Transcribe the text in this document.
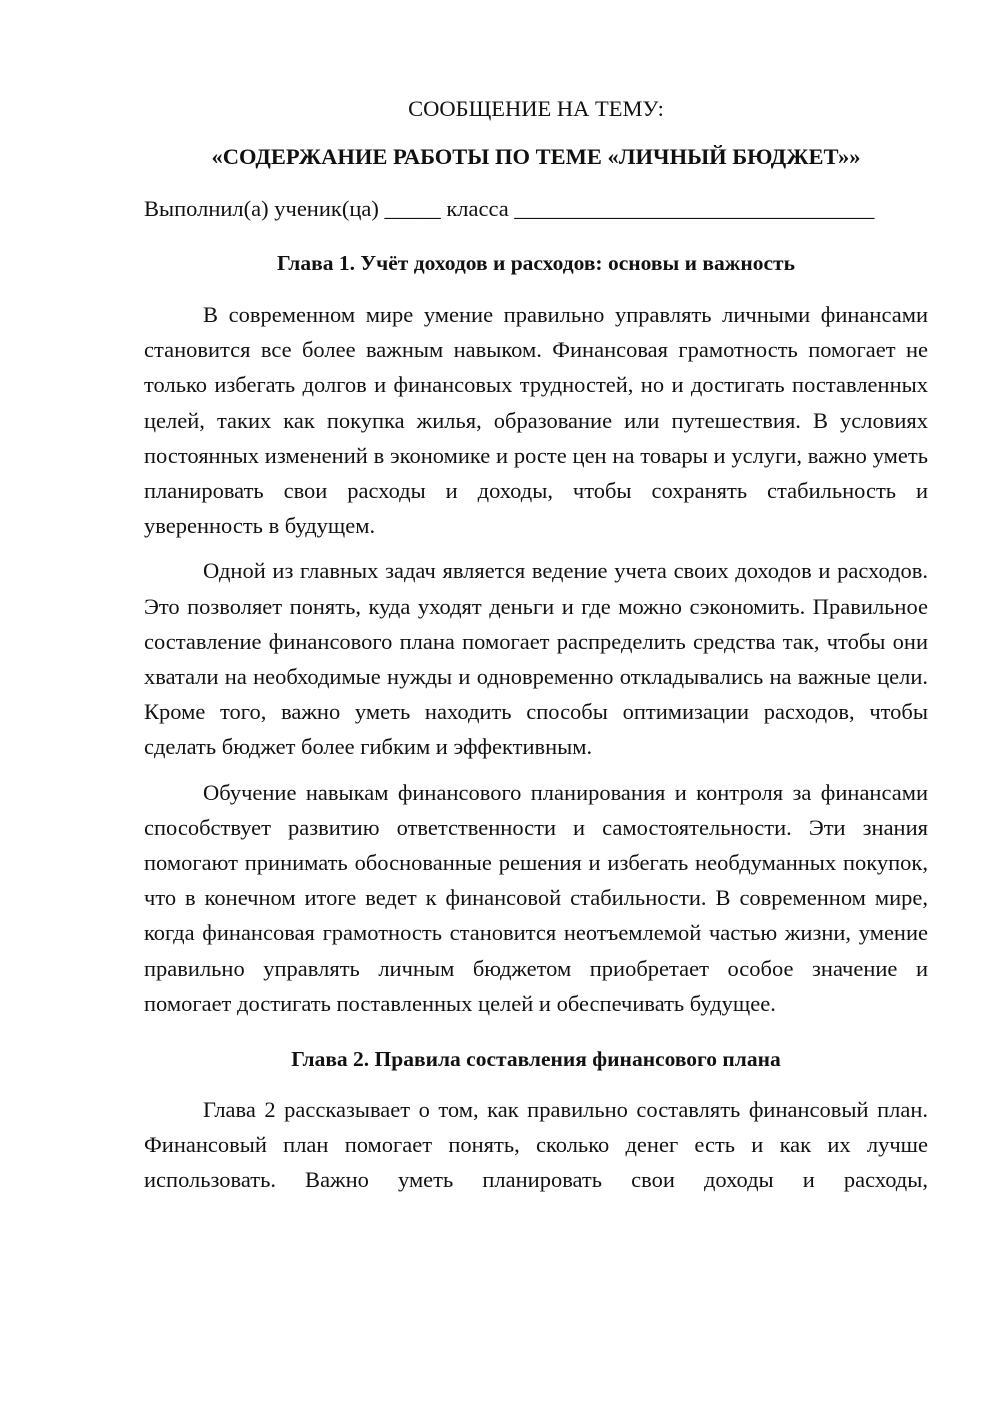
СООБЩЕНИЕ НА ТЕМУ:

«СОДЕРЖАНИЕ РАБОТЫ ПО ТЕМЕ «ЛИЧНЫЙ БЮДЖЕТ»»

Выполнил(а) ученик(ца) _____ класса ________________________________

Глава 1. Учёт доходов и расходов: основы и важность

В современном мире умение правильно управлять личными финансами становится все более важным навыком. Финансовая грамотность помогает не только избегать долгов и финансовых трудностей, но и достигать поставленных целей, таких как покупка жилья, образование или путешествия. В условиях постоянных изменений в экономике и росте цен на товары и услуги, важно уметь планировать свои расходы и доходы, чтобы сохранять стабильность и уверенность в будущем.

Одной из главных задач является ведение учета своих доходов и расходов. Это позволяет понять, куда уходят деньги и где можно сэкономить. Правильное составление финансового плана помогает распределить средства так, чтобы они хватали на необходимые нужды и одновременно откладывались на важные цели. Кроме того, важно уметь находить способы оптимизации расходов, чтобы сделать бюджет более гибким и эффективным.

Обучение навыкам финансового планирования и контроля за финансами способствует развитию ответственности и самостоятельности. Эти знания помогают принимать обоснованные решения и избегать необдуманных покупок, что в конечном итоге ведет к финансовой стабильности. В современном мире, когда финансовая грамотность становится неотъемлемой частью жизни, умение правильно управлять личным бюджетом приобретает особое значение и помогает достигать поставленных целей и обеспечивать будущее.

Глава 2. Правила составления финансового плана

Глава 2 рассказывает о том, как правильно составлять финансовый план. Финансовый план помогает понять, сколько денег есть и как их лучше использовать. Важно уметь планировать свои доходы и расходы,
